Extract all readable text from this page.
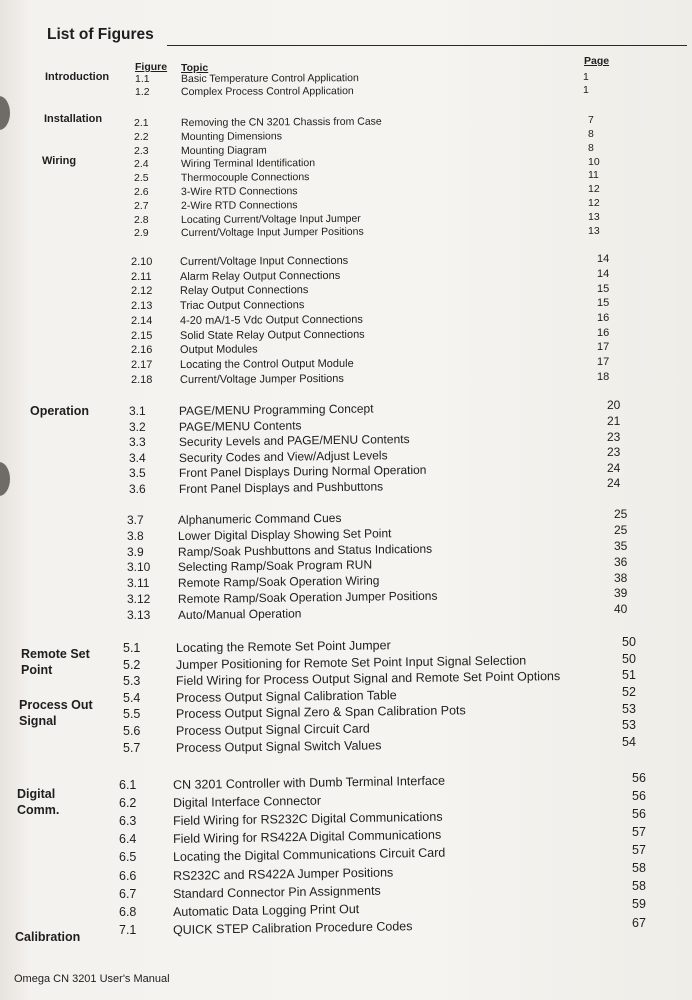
List of Figures
Figure Topic
Page
Introduction
Installation
Wiring
Operation
Remote Set Point
Process Out Signal
Digital Comm.
Calibration
Omega CN 3201 User's Manual
1.1	Basic Temperature Control Application	1
1.2	Complex Process Control Application	1
2.1	Removing the CN 3201 Chassis from Case	7
2.2	Mounting Dimensions	8
2.3	Mounting Diagram	8
2.4	Wiring Terminal Identification	10
2.5	Thermocouple Connections	11
2.6	3-Wire RTD Connections	12
2.7	2-Wire RTD Connections	12
2.8	Locating Current/Voltage Input Jumper	13
2.9	Current/Voltage Input Jumper Positions	13
2.10	Current/Voltage Input Connections	14
2.11	Alarm Relay Output Connections	14
2.12	Relay Output Connections	15
2.13	Triac Output Connections	15
2.14	4-20 mA/1-5 Vdc Output Connections	16
2.15	Solid State Relay Output Connections	16
2.16	Output Modules	17
2.17	Locating the Control Output Module	17
2.18	Current/Voltage Jumper Positions	18
3.1	PAGE/MENU Programming Concept	20
3.2	PAGE/MENU Contents	21
3.3	Security Levels and PAGE/MENU Contents	23
3.4	Security Codes and View/Adjust Levels	23
3.5	Front Panel Displays During Normal Operation	24
3.6	Front Panel Displays and Pushbuttons	24
3.7	Alphanumeric Command Cues	25
3.8	Lower Digital Display Showing Set Point	25
3.9	Ramp/Soak Pushbuttons and Status Indications	35
3.10 Selecting Ramp/Soak Program RUN	36
3.11 Remote Ramp/Soak Operation Wiring	38
3.12 Remote Ramp/Soak Operation Jumper Positions	39
3.13 Auto/Manual Operation	40
5.1	Locating the Remote Set Point Jumper	50
5.2	Jumper Positioning for Remote Set Point Input Signal Selection	50
5.3	Field Wiring for Process Output Signal and Remote Set Point Options	51
5.4	Process Output Signal Calibration Table	52
5.5	Process Output Signal Zero & Span Calibration Pots	53
5.6	Process Output Signal Circuit Card	53
5.7	Process Output Signal Switch Values	54
6.1	CN 3201 Controller with Dumb Terminal Interface	56
6.2	Digital Interface Connector	56
6.3	Field Wiring for RS232C Digital Communications	56
6.4	Field Wiring for RS422A Digital Communications	57
6.5	Locating the Digital Communications Circuit Card	57
6.6	RS232C and RS422A Jumper Positions	58
6.7	Standard Connector Pin Assignments	58
6.8	Automatic Data Logging Print Out	59
7.1	QUICK STEP Calibration Procedure Codes	67
